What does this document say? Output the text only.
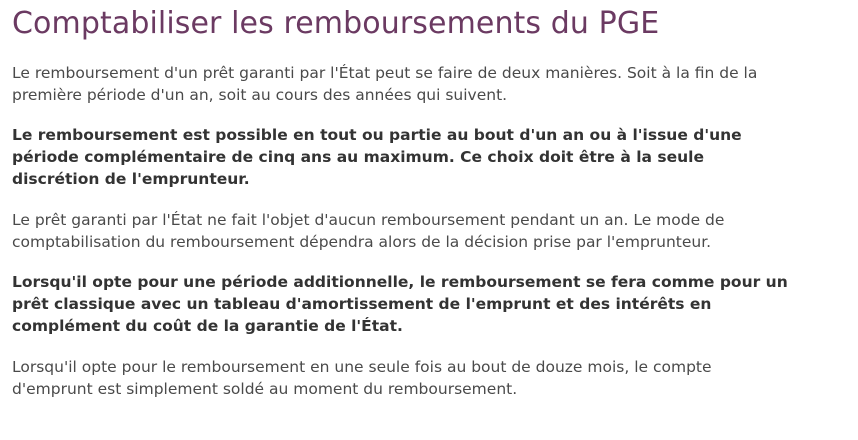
Comptabiliser les remboursements du PGE

Le remboursement d'un prêt garanti par l'État peut se faire de deux manières. Soit à la fin de la première période d'un an, soit au cours des années qui suivent.

Le remboursement est possible en tout ou partie au bout d'un an ou à l'issue d'une période complémentaire de cinq ans au maximum. Ce choix doit être à la seule discrétion de l'emprunteur.

Le prêt garanti par l'État ne fait l'objet d'aucun remboursement pendant un an. Le mode de comptabilisation du remboursement dépendra alors de la décision prise par l'emprunteur.

Lorsqu'il opte pour une période additionnelle, le remboursement se fera comme pour un prêt classique avec un tableau d'amortissement de l'emprunt et des intérêts en complément du coût de la garantie de l'État.

Lorsqu'il opte pour le remboursement en une seule fois au bout de douze mois, le compte d'emprunt est simplement soldé au moment du remboursement.
